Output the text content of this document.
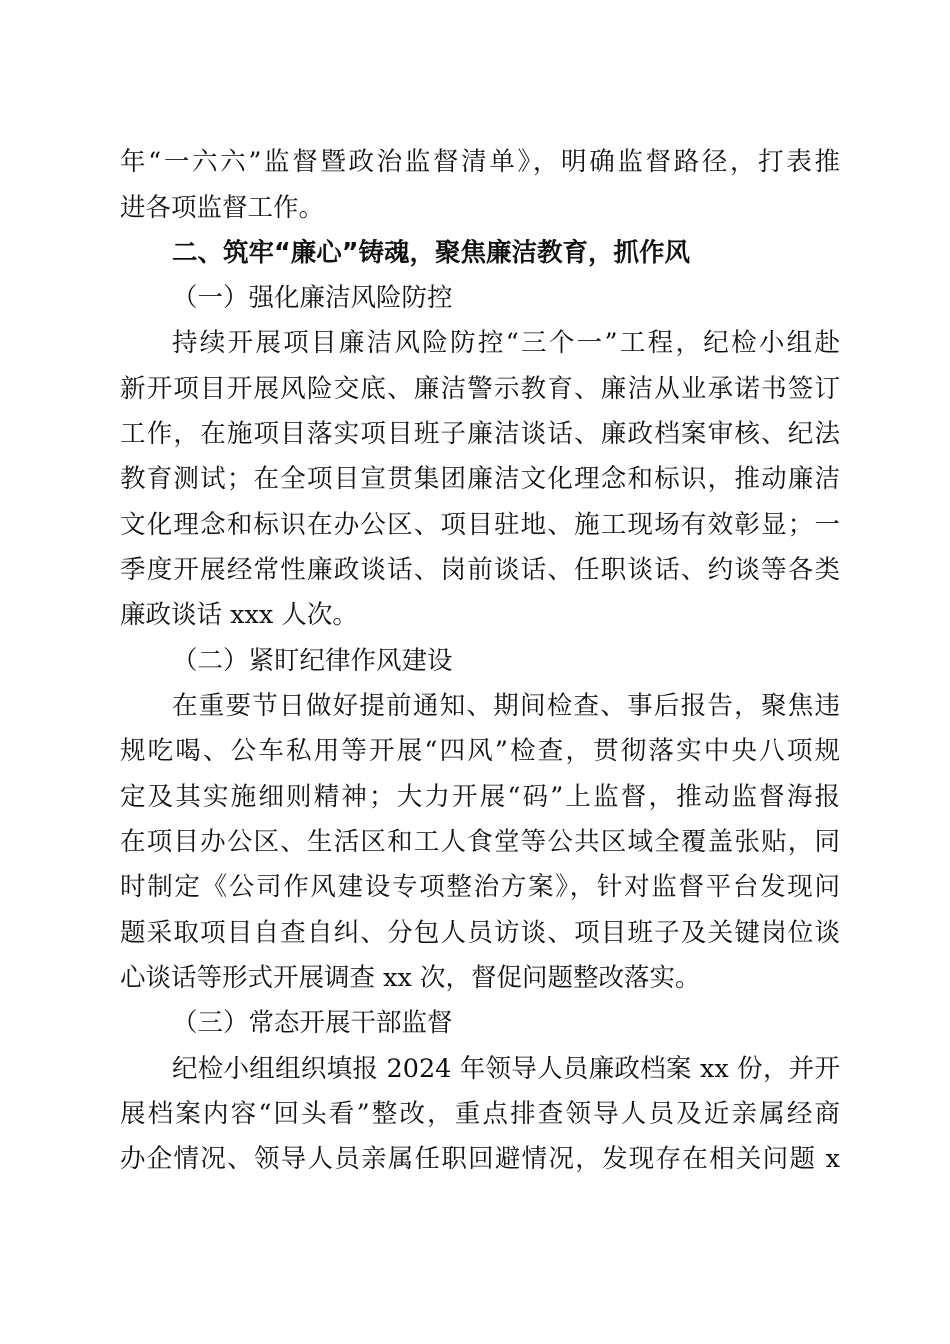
年“一六六”监督暨政治监督清单》，明确监督路径，打表推
进各项监督工作。
二、筑牢“廉心”铸魂，聚焦廉洁教育，抓作风
（一）强化廉洁风险防控
持续开展项目廉洁风险防控“三个一”工程，纪检小组赴
新开项目开展风险交底、廉洁警示教育、廉洁从业承诺书签订
工作，在施项目落实项目班子廉洁谈话、廉政档案审核、纪法
教育测试；在全项目宣贯集团廉洁文化理念和标识，推动廉洁
文化理念和标识在办公区、项目驻地、施工现场有效彰显；一
季度开展经常性廉政谈话、岗前谈话、任职谈话、约谈等各类
廉政谈话 xxx 人次。
（二）紧盯纪律作风建设
在重要节日做好提前通知、期间检查、事后报告，聚焦违
规吃喝、公车私用等开展“四风”检查，贯彻落实中央八项规
定及其实施细则精神；大力开展“码”上监督，推动监督海报
在项目办公区、生活区和工人食堂等公共区域全覆盖张贴，同
时制定《公司作风建设专项整治方案》，针对监督平台发现问
题采取项目自查自纠、分包人员访谈、项目班子及关键岗位谈
心谈话等形式开展调查 xx 次，督促问题整改落实。
（三）常态开展干部监督
纪检小组组织填报 2024 年领导人员廉政档案 xx 份，并开
展档案内容“回头看”整改，重点排查领导人员及近亲属经商
办企情况、领导人员亲属任职回避情况，发现存在相关问题 x
